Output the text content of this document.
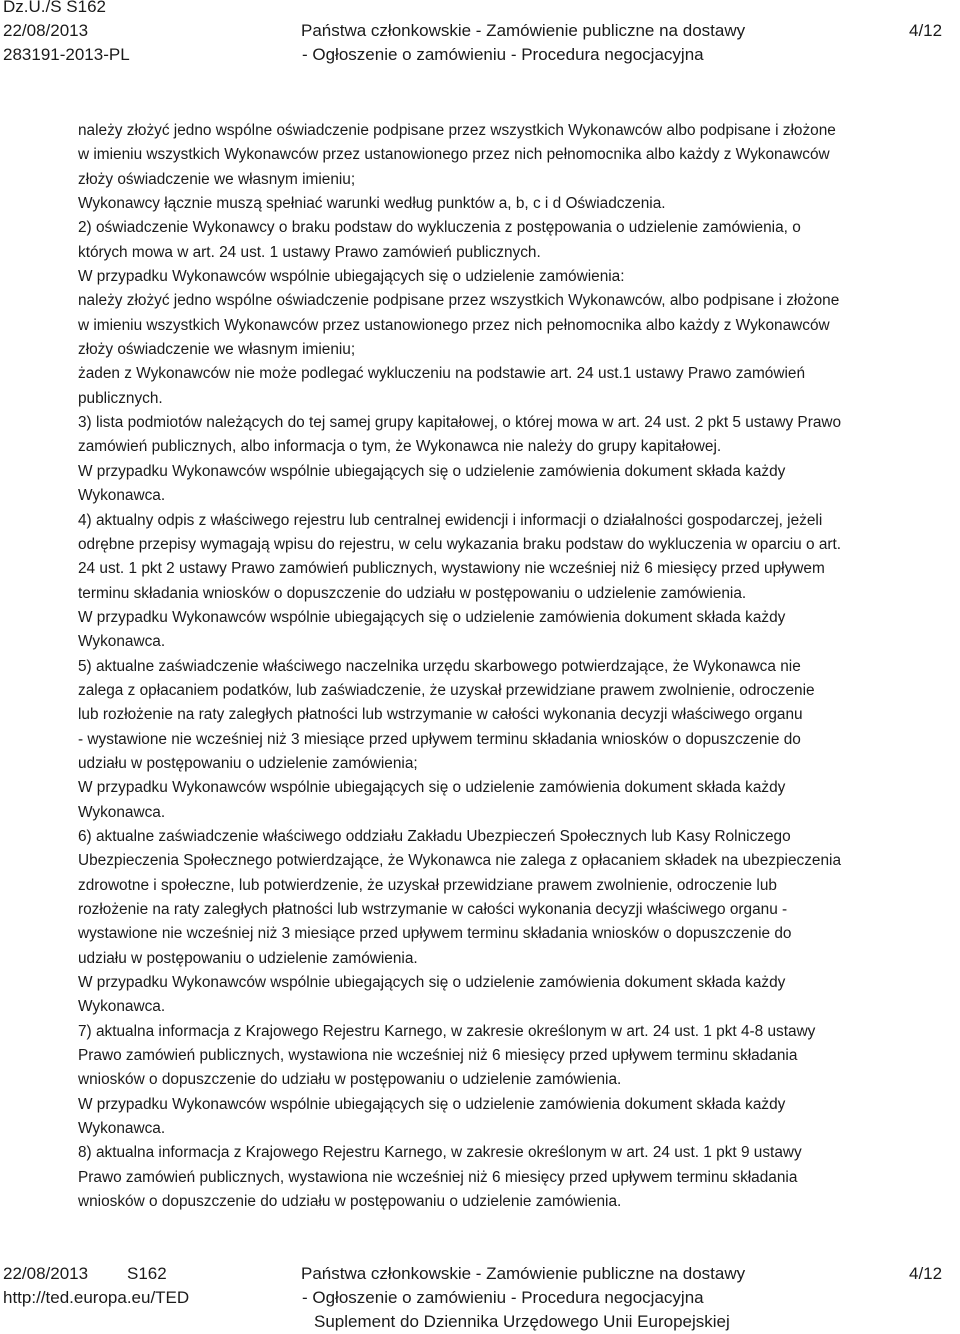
Dz.U./S S162
22/08/2013
283191-2013-PL
Państwa członkowskie - Zamówienie publiczne na dostawy
- Ogłoszenie o zamówieniu - Procedura negocjacyjna
4/12
należy złożyć jedno wspólne oświadczenie podpisane przez wszystkich Wykonawców albo podpisane i złożone
w imieniu wszystkich Wykonawców przez ustanowionego przez nich pełnomocnika albo każdy z Wykonawców
złoży oświadczenie we własnym imieniu;
Wykonawcy łącznie muszą spełniać warunki według punktów a, b, c i d Oświadczenia.
2) oświadczenie Wykonawcy o braku podstaw do wykluczenia z postępowania o udzielenie zamówienia, o
których mowa w art. 24 ust. 1 ustawy Prawo zamówień publicznych.
W przypadku Wykonawców wspólnie ubiegających się o udzielenie zamówienia:
należy złożyć jedno wspólne oświadczenie podpisane przez wszystkich Wykonawców, albo podpisane i złożone
w imieniu wszystkich Wykonawców przez ustanowionego przez nich pełnomocnika albo każdy z Wykonawców
złoży oświadczenie we własnym imieniu;
żaden z Wykonawców nie może podlegać wykluczeniu na podstawie art. 24 ust.1 ustawy Prawo zamówień
publicznych.
3) lista podmiotów należących do tej samej grupy kapitałowej, o której mowa w art. 24 ust. 2 pkt 5 ustawy Prawo
zamówień publicznych, albo informacja o tym, że Wykonawca nie należy do grupy kapitałowej.
W przypadku Wykonawców wspólnie ubiegających się o udzielenie zamówienia dokument składa każdy
Wykonawca.
4) aktualny odpis z właściwego rejestru lub centralnej ewidencji i informacji o działalności gospodarczej, jeżeli
odrębne przepisy wymagają wpisu do rejestru, w celu wykazania braku podstaw do wykluczenia w oparciu o art.
24 ust. 1 pkt 2 ustawy Prawo zamówień publicznych, wystawiony nie wcześniej niż 6 miesięcy przed upływem
terminu składania wniosków o dopuszczenie do udziału w postępowaniu o udzielenie zamówienia.
W przypadku Wykonawców wspólnie ubiegających się o udzielenie zamówienia dokument składa każdy
Wykonawca.
5) aktualne zaświadczenie właściwego naczelnika urzędu skarbowego potwierdzające, że Wykonawca nie
zalega z opłacaniem podatków, lub zaświadczenie, że uzyskał przewidziane prawem zwolnienie, odroczenie
lub rozłożenie na raty zaległych płatności lub wstrzymanie w całości wykonania decyzji właściwego organu
- wystawione nie wcześniej niż 3 miesiące przed upływem terminu składania wniosków o dopuszczenie do
udziału w postępowaniu o udzielenie zamówienia;
W przypadku Wykonawców wspólnie ubiegających się o udzielenie zamówienia dokument składa każdy
Wykonawca.
6) aktualne zaświadczenie właściwego oddziału Zakładu Ubezpieczeń Społecznych lub Kasy Rolniczego
Ubezpieczenia Społecznego potwierdzające, że Wykonawca nie zalega z opłacaniem składek na ubezpieczenia
zdrowotne i społeczne, lub potwierdzenie, że uzyskał przewidziane prawem zwolnienie, odroczenie lub
rozłożenie na raty zaległych płatności lub wstrzymanie w całości wykonania decyzji właściwego organu -
wystawione nie wcześniej niż 3 miesiące przed upływem terminu składania wniosków o dopuszczenie do
udziału w postępowaniu o udzielenie zamówienia.
W przypadku Wykonawców wspólnie ubiegających się o udzielenie zamówienia dokument składa każdy
Wykonawca.
7) aktualna informacja z Krajowego Rejestru Karnego, w zakresie określonym w art. 24 ust. 1 pkt 4-8 ustawy
Prawo zamówień publicznych, wystawiona nie wcześniej niż 6 miesięcy przed upływem terminu składania
wniosków o dopuszczenie do udziału w postępowaniu o udzielenie zamówienia.
W przypadku Wykonawców wspólnie ubiegających się o udzielenie zamówienia dokument składa każdy
Wykonawca.
8) aktualna informacja z Krajowego Rejestru Karnego, w zakresie określonym w art. 24 ust. 1 pkt 9 ustawy
Prawo zamówień publicznych, wystawiona nie wcześniej niż 6 miesięcy przed upływem terminu składania
wniosków o dopuszczenie do udziału w postępowaniu o udzielenie zamówienia.
22/08/2013 S162
http://ted.europa.eu/TED
Państwa członkowskie - Zamówienie publiczne na dostawy
- Ogłoszenie o zamówieniu - Procedura negocjacyjna
Suplement do Dziennika Urzędowego Unii Europejskiej
4/12
